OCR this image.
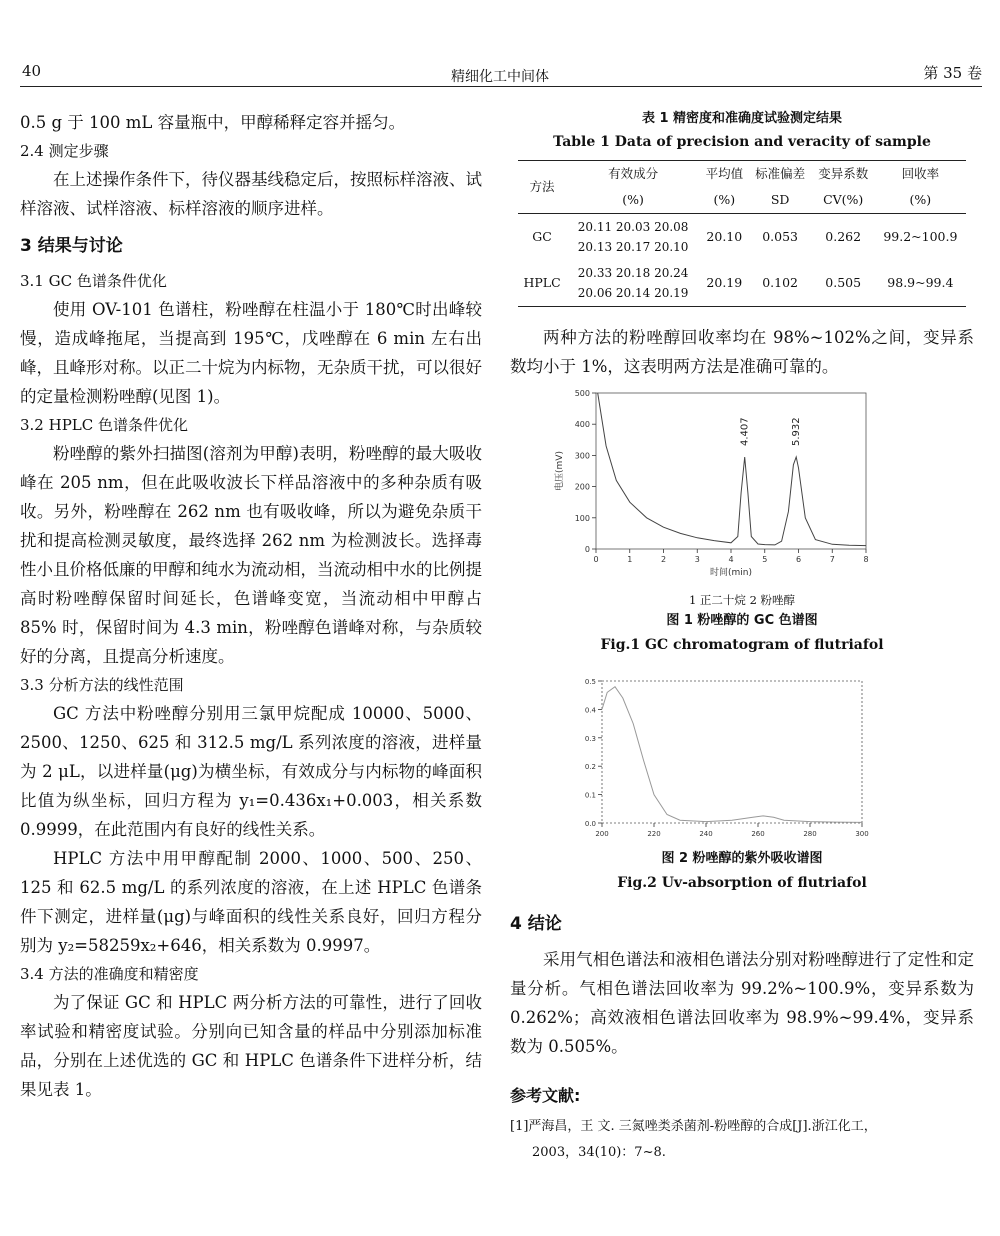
40	精细化工中间体	第 35 卷

0.5 g 于 100 mL 容量瓶中，甲醇稀释定容并摇匀。

2.4 测定步骤

在上述操作条件下，待仪器基线稳定后，按照标样溶液、试样溶液、试样溶液、标样溶液的顺序进样。

3 结果与讨论

3.1 GC 色谱条件优化

使用 OV-101 色谱柱，粉唑醇在柱温小于 180℃时出峰较慢，造成峰拖尾，当提高到 195℃，戊唑醇在 6 min 左右出峰，且峰形对称。以正二十烷为内标物，无杂质干扰，可以很好的定量检测粉唑醇(见图 1)。

3.2 HPLC 色谱条件优化

粉唑醇的紫外扫描图(溶剂为甲醇)表明，粉唑醇的最大吸收峰在 205 nm，但在此吸收波长下样品溶液中的多种杂质有吸收。另外，粉唑醇在 262 nm 也有吸收峰，所以为避免杂质干扰和提高检测灵敏度，最终选择 262 nm 为检测波长。选择毒性小且价格低廉的甲醇和纯水为流动相，当流动相中水的比例提高时粉唑醇保留时间延长，色谱峰变宽，当流动相中甲醇占 85% 时，保留时间为 4.3 min，粉唑醇色谱峰对称，与杂质较好的分离，且提高分析速度。

3.3 分析方法的线性范围

GC 方法中粉唑醇分别用三氯甲烷配成 10000、5000、2500、1250、625 和 312.5 mg/L 系列浓度的溶液，进样量为 2 μL，以进样量(μg)为横坐标，有效成分与内标物的峰面积比值为纵坐标，回归方程为 y₁=0.436x₁+0.003，相关系数 0.9999，在此范围内有良好的线性关系。

HPLC 方法中用甲醇配制 2000、1000、500、250、125 和 62.5 mg/L 的系列浓度的溶液，在上述 HPLC 色谱条件下测定，进样量(μg)与峰面积的线性关系良好，回归方程分别为 y₂=58259x₂+646，相关系数为 0.9997。

3.4 方法的准确度和精密度

为了保证 GC 和 HPLC 两分析方法的可靠性，进行了回收率试验和精密度试验。分别向已知含量的样品中分别添加标准品，分别在上述优选的 GC 和 HPLC 色谱条件下进样分析，结果见表 1。

表 1 精密度和准确度试验测定结果

Table 1 Data of precision and veracity of sample

方法	有效成分	平均值	标准偏差	变异系数	回收率
	(%)	(%)	SD	CV(%)	(%)
GC	20.11 20.03 20.08
20.13 20.17 20.10	20.10	0.053	0.262	99.2~100.9
HPLC	20.33 20.18 20.24
20.06 20.14 20.19	20.19	0.102	0.505	98.9~99.4

两种方法的粉唑醇回收率均在 98%~102%之间，变异系数均小于 1%，这表明两方法是准确可靠的。

0	1	2	3	4	5	6	7	8
0
100
200
300
400
500
电压(mV)
时间(min)
4.407	5.932

1 正二十烷 2 粉唑醇

图 1 粉唑醇的 GC 色谱图

Fig.1 GC chromatogram of flutriafol

200	220	240	260	280	300
0.0
0.1
0.2
0.3
0.4
0.5

图 2 粉唑醇的紫外吸收谱图

Fig.2 Uv-absorption of flutriafol

4 结论

采用气相色谱法和液相色谱法分别对粉唑醇进行了定性和定量分析。气相色谱法回收率为 99.2%~100.9%，变异系数为 0.262%；高效液相色谱法回收率为 98.9%~99.4%，变异系数为 0.505%。

参考文献:
[1]严海昌，王 文. 三氮唑类杀菌剂-粉唑醇的合成[J].浙江化工，
2003，34(10)：7~8.
